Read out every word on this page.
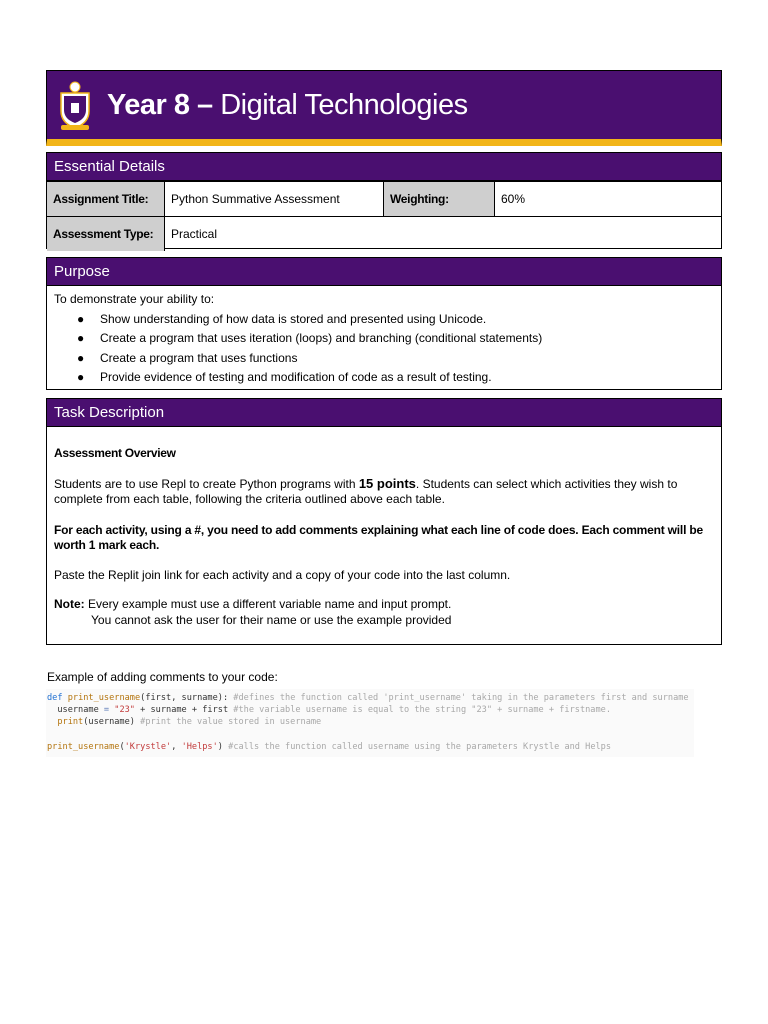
Year 8 – Digital Technologies
Essential Details
Assignment Title:	Python Summative Assessment	Weighting:	60%
Assessment Type:	Practical		
Purpose
To demonstrate your ability to:
● Show understanding of how data is stored and presented using Unicode.
● Create a program that uses iteration (loops) and branching (conditional statements)
● Create a program that uses functions
● Provide evidence of testing and modification of code as a result of testing.
Task Description

Assessment Overview

Students are to use Repl to create Python programs with 15 points. Students can select which activities they wish to complete from each table, following the criteria outlined above each table.

For each activity, using a #, you need to add comments explaining what each line of code does. Each comment will be worth 1 mark each.

Paste the Replit join link for each activity and a copy of your code into the last column.

Note: Every example must use a different variable name and input prompt.

You cannot ask the user for their name or use the example provided

Example of adding comments to your code:
def print_username(first, surname): #defines the function called 'print_username' taking in the parameters first and surname
username = "23" + surname + first #the variable username is equal to the string "23" + surname + firstname.
print(username) #print the value stored in username
print_username('Krystle', 'Helps') #calls the function called username using the parameters Krystle and Helps
